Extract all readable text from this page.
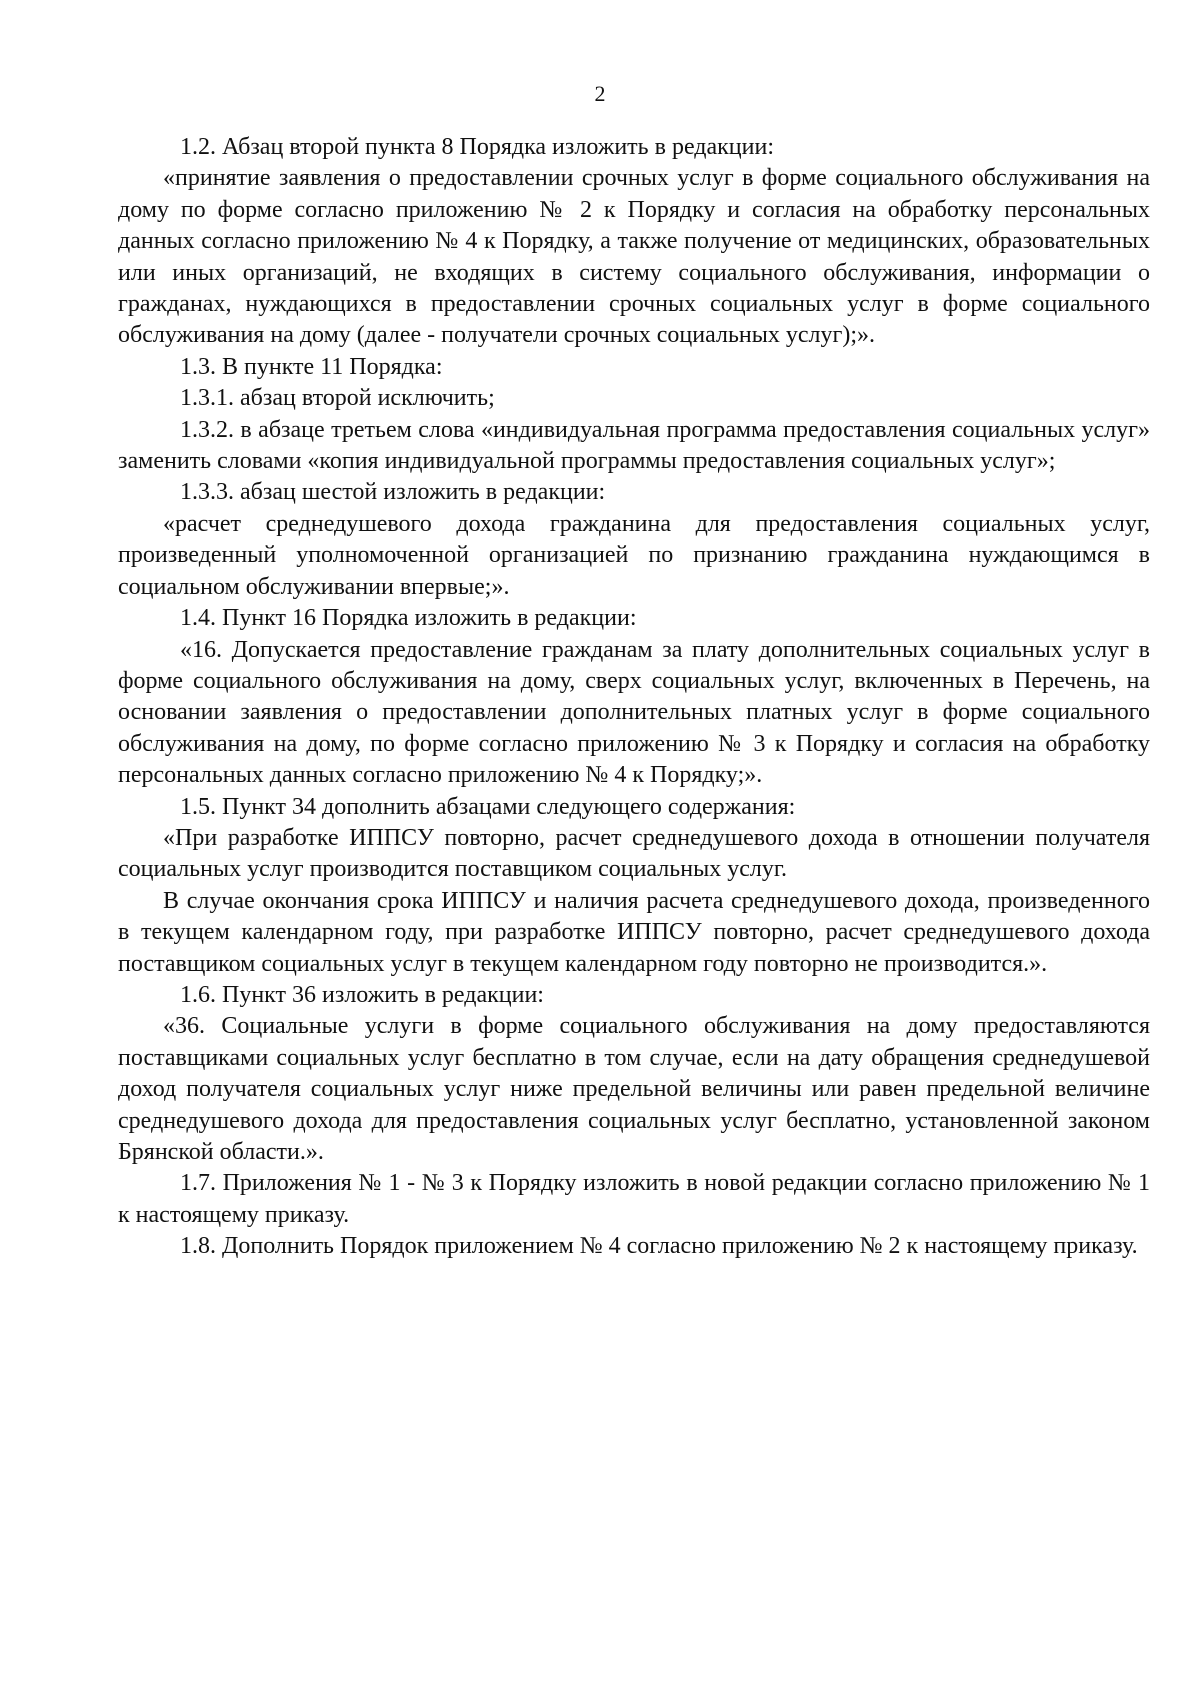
2

1.2. Абзац второй пункта 8 Порядка изложить в редакции:

«принятие заявления о предоставлении срочных услуг в форме социального обслуживания на дому по форме согласно приложению № 2 к Порядку и согласия на обработку персональных данных согласно приложению № 4 к Порядку, а также получение от медицинских, образовательных или иных организаций, не входящих в систему социального обслуживания, информации о гражданах, нуждающихся в предоставлении срочных социальных услуг в форме социального обслуживания на дому (далее - получатели срочных социальных услуг);».

1.3. В пункте 11 Порядка:

1.3.1. абзац второй исключить;

1.3.2. в абзаце третьем слова «индивидуальная программа предоставления социальных услуг» заменить словами «копия индивидуальной программы предоставления социальных услуг»;

1.3.3. абзац шестой изложить в редакции:

«расчет среднедушевого дохода гражданина для предоставления социальных услуг, произведенный уполномоченной организацией по признанию гражданина нуждающимся в социальном обслуживании впервые;».

1.4. Пункт 16 Порядка изложить в редакции:

«16. Допускается предоставление гражданам за плату дополнительных социальных услуг в форме социального обслуживания на дому, сверх социальных услуг, включенных в Перечень, на основании заявления о предоставлении дополнительных платных услуг в форме социального обслуживания на дому, по форме согласно приложению № 3 к Порядку и согласия на обработку персональных данных согласно приложению № 4 к Порядку;».

1.5. Пункт 34 дополнить абзацами следующего содержания:

«При разработке ИППСУ повторно, расчет среднедушевого дохода в отношении получателя социальных услуг производится поставщиком социальных услуг.

В случае окончания срока ИППСУ и наличия расчета среднедушевого дохода, произведенного в текущем календарном году, при разработке ИППСУ повторно, расчет среднедушевого дохода поставщиком социальных услуг в текущем календарном году повторно не производится.».

1.6. Пункт 36 изложить в редакции:

«36. Социальные услуги в форме социального обслуживания на дому предоставляются поставщиками социальных услуг бесплатно в том случае, если на дату обращения среднедушевой доход получателя социальных услуг ниже предельной величины или равен предельной величине среднедушевого дохода для предоставления социальных услуг бесплатно, установленной законом Брянской области.».

1.7. Приложения № 1 - № 3 к Порядку изложить в новой редакции согласно приложению № 1 к настоящему приказу.

1.8. Дополнить Порядок приложением № 4 согласно приложению № 2 к настоящему приказу.
